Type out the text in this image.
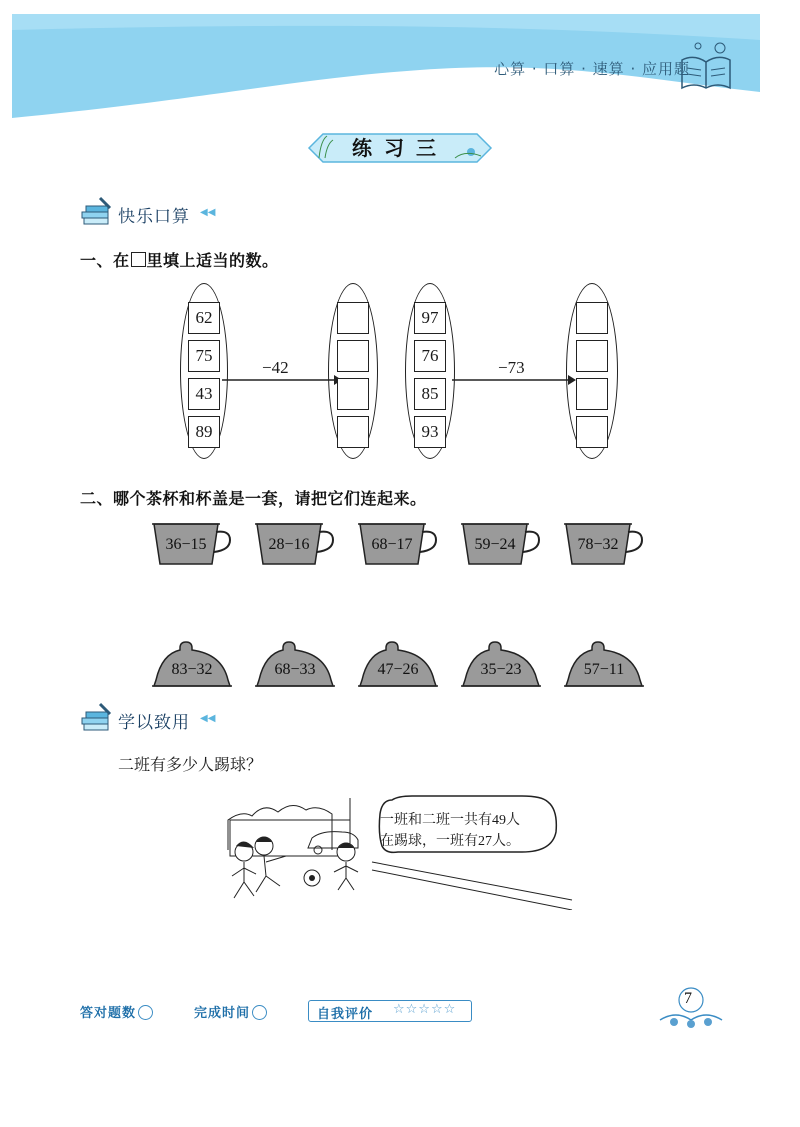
心算 · 口算 · 速算 · 应用题
练习三
快乐口算 ◀◀
一、在 里填上适当的数。
62
75
43
89
−42
97
76
85
93
−73
二、哪个茶杯和杯盖是一套，请把它们连起来。
36−15	28−16	68−17	59−24	78−32
83−32	68−33	47−26	35−23	57−11
学以致用 ◀◀
二班有多少人踢球？
一班和二班一共有49人
在踢球，一班有27人。
答对题数	完成时间	自我评价 ☆☆☆☆☆
7
